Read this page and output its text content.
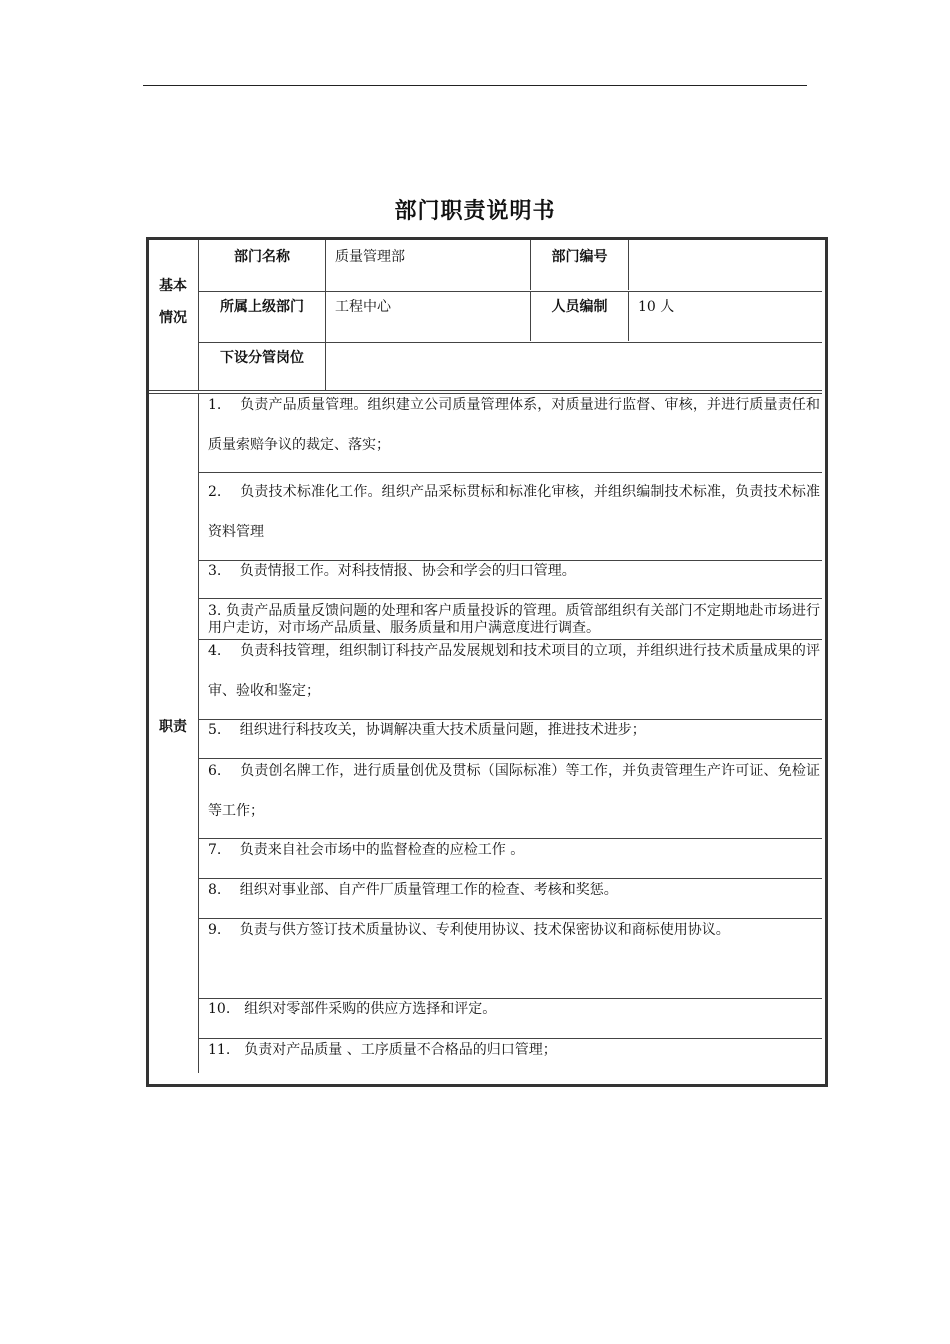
部门职责说明书
基本
情况
部门名称	质量管理部	部门编号
所属上级部门	工程中心	人员编制	10 人
下设分管岗位
职责
1.　 负责产品质量管理。组织建立公司质量管理体系，对质量进行监督、审核，并进行质量责任和质量索赔争议的裁定、落实；
2.　 负责技术标准化工作。组织产品采标贯标和标准化审核，并组织编制技术标准，负责技术标准资料管理
3.　 负责情报工作。对科技情报、协会和学会的归口管理。
3. 负责产品质量反馈问题的处理和客户质量投诉的管理。质管部组织有关部门不定期地赴市场进行用户走访，对市场产品质量、服务质量和用户满意度进行调查。
4.　 负责科技管理，组织制订科技产品发展规划和技术项目的立项，并组织进行技术质量成果的评审、验收和鉴定；
5.　 组织进行科技攻关，协调解决重大技术质量问题，推进技术进步；
6.　 负责创名牌工作，进行质量创优及贯标（国际标准）等工作，并负责管理生产许可证、免检证等工作；
7.　 负责来自社会市场中的监督检查的应检工作 。
8.　 组织对事业部、自产件厂质量管理工作的检查、考核和奖惩。
9.　 负责与供方签订技术质量协议、专利使用协议、技术保密协议和商标使用协议。
10.　组织对零部件采购的供应方选择和评定。
11.　负责对产品质量 、工序质量不合格品的归口管理；
